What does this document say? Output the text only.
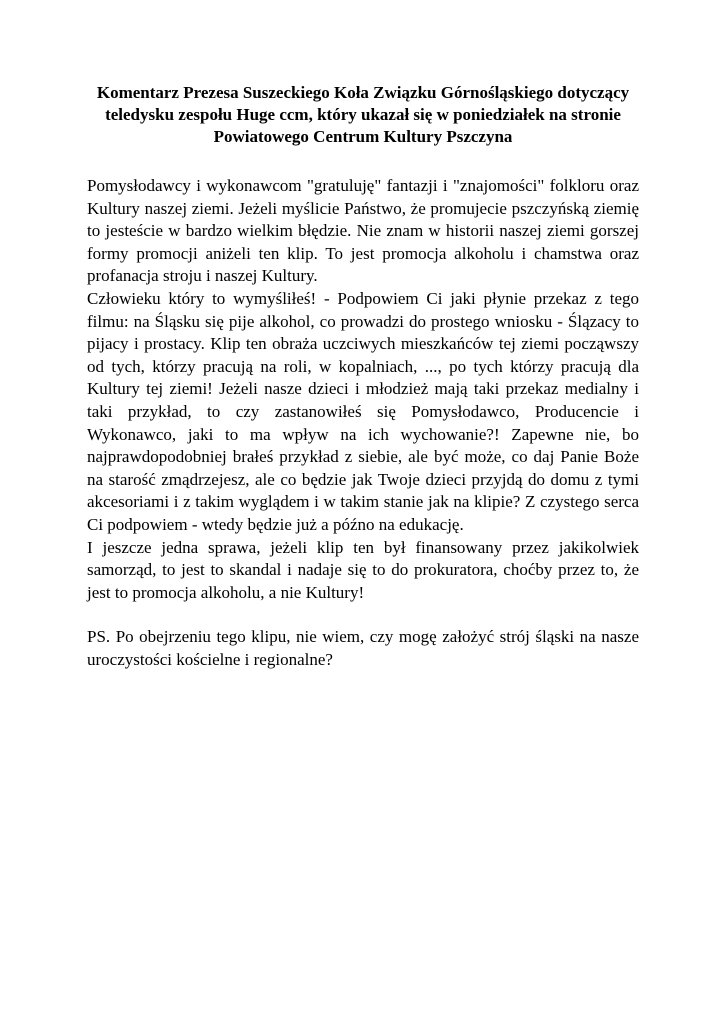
Komentarz Prezesa Suszeckiego Koła Związku Górnośląskiego dotyczący
teledysku zespołu Huge ccm, który ukazał się w poniedziałek na stronie
Powiatowego Centrum Kultury Pszczyna

Pomysłodawcy i wykonawcom "gratuluję" fantazji i "znajomości" folkloru oraz Kultury naszej ziemi. Jeżeli myślicie Państwo, że promujecie pszczyńską ziemię to jesteście w bardzo wielkim błędzie. Nie znam w historii naszej ziemi gorszej formy promocji aniżeli ten klip. To jest promocja alkoholu i chamstwa oraz profanacja stroju i naszej Kultury.

Człowieku który to wymyśliłeś! - Podpowiem Ci jaki płynie przekaz z tego filmu: na Śląsku się pije alkohol, co prowadzi do prostego wniosku - Ślązacy to pijacy i prostacy. Klip ten obraża uczciwych mieszkańców tej ziemi począwszy od tych, którzy pracują na roli, w kopalniach, ..., po tych którzy pracują dla Kultury tej ziemi! Jeżeli nasze dzieci i młodzież mają taki przekaz medialny i taki przykład, to czy zastanowiłeś się Pomysłodawco, Producencie i Wykonawco, jaki to ma wpływ na ich wychowanie?! Zapewne nie, bo najprawdopodobniej brałeś przykład z siebie, ale być może, co daj Panie Boże na starość zmądrzejesz, ale co będzie jak Twoje dzieci przyjdą do domu z tymi akcesoriami i z takim wyglądem i w takim stanie jak na klipie? Z czystego serca Ci podpowiem - wtedy będzie już a późno na edukację.

I jeszcze jedna sprawa, jeżeli klip ten był finansowany przez jakikolwiek samorząd, to jest to skandal i nadaje się to do prokuratora, choćby przez to, że jest to promocja alkoholu, a nie Kultury!

PS. Po obejrzeniu tego klipu, nie wiem, czy mogę założyć strój śląski na nasze uroczystości kościelne i regionalne?
